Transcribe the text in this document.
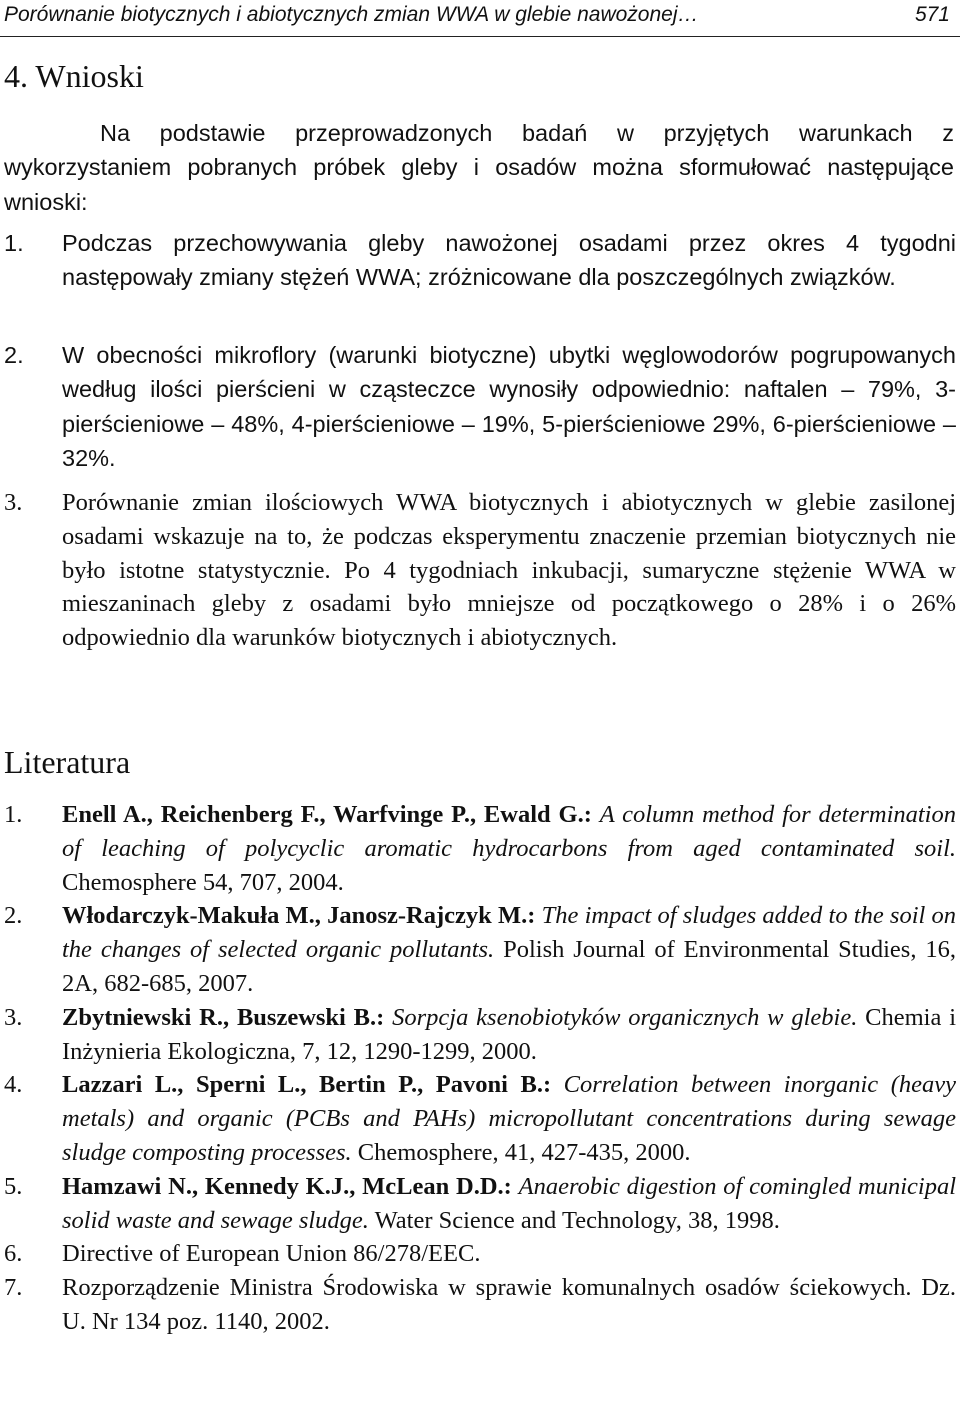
Porównanie biotycznych i abiotycznych zmian WWA w glebie nawożonej…	571
4. Wnioski

Na podstawie przeprowadzonych badań w przyjętych warunkach z wykorzystaniem pobranych próbek gleby i osadów można sformułować następujące wnioski:

1. Podczas przechowywania gleby nawożonej osadami przez okres 4 tygodni następowały zmiany stężeń WWA; zróżnicowane dla poszczególnych związków.

2. W obecności mikroflory (warunki biotyczne) ubytki węglowodorów pogrupowanych według ilości pierścieni w cząsteczce wynosiły odpowiednio: naftalen – 79%, 3-pierścieniowe – 48%, 4-pierścieniowe – 19%, 5-pierścieniowe 29%, 6-pierścieniowe – 32%.

3. Porównanie zmian ilościowych WWA biotycznych i abiotycznych w glebie zasilonej osadami wskazuje na to, że podczas eksperymentu znaczenie przemian biotycznych nie było istotne statystycznie. Po 4 tygodniach inkubacji, sumaryczne stężenie WWA w mieszaninach gleby z osadami było mniejsze od początkowego o 28% i o 26% odpowiednio dla warunków biotycznych i abiotycznych.

Literatura
1. Enell A., Reichenberg F., Warfvinge P., Ewald G.: A column method for determination of leaching of polycyclic aromatic hydrocarbons from aged contaminated soil. Chemosphere 54, 707, 2004.

2. Włodarczyk-Makuła M., Janosz-Rajczyk M.: The impact of sludges added to the soil on the changes of selected organic pollutants. Polish Journal of Environmental Studies, 16, 2A, 682-685, 2007.

3. Zbytniewski R., Buszewski B.: Sorpcja ksenobiotyków organicznych w glebie. Chemia i Inżynieria Ekologiczna, 7, 12, 1290-1299, 2000.

4. Lazzari L., Sperni L., Bertin P., Pavoni B.: Correlation between inorganic (heavy metals) and organic (PCBs and PAHs) micropollutant concentrations during sewage sludge composting processes. Chemosphere, 41, 427-435, 2000.

5. Hamzawi N., Kennedy K.J., McLean D.D.: Anaerobic digestion of comingled municipal solid waste and sewage sludge. Water Science and Technology, 38, 1998.

6. Directive of European Union 86/278/EEC.

7. Rozporządzenie Ministra Środowiska w sprawie komunalnych osadów ściekowych. Dz. U. Nr 134 poz. 1140, 2002.
